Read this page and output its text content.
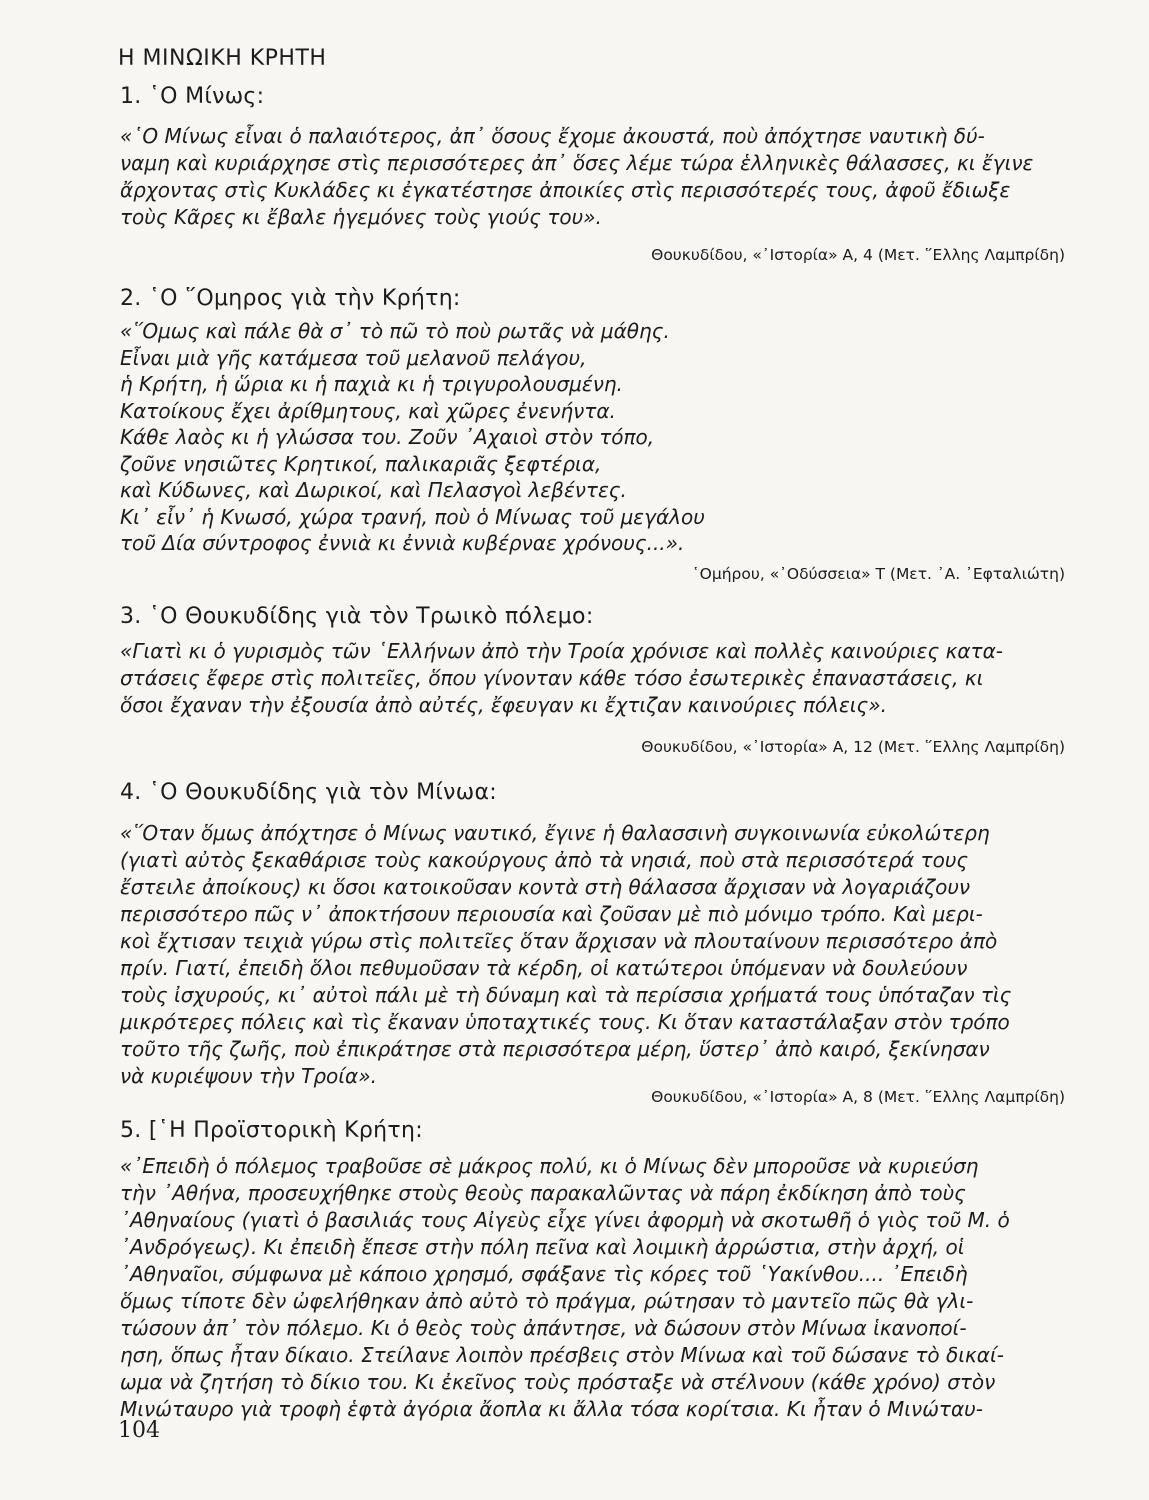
Η ΜΙΝΩΙΚΗ ΚΡΗΤΗ
1. ῾Ο Μίνως:
«῾Ο Μίνως εἶναι ὁ παλαιότερος, ἀπ᾽ ὅσους ἔχομε ἀκουστά, ποὺ ἀπόχτησε ναυτικὴ δύ-
ναμη καὶ κυριάρχησε στὶς περισσότερες ἀπ᾽ ὅσες λέμε τώρα ἑλληνικὲς θάλασσες, κι ἔγινε
ἄρχοντας στὶς Κυκλάδες κι ἐγκατέστησε ἀποικίες στὶς περισσότερές τους, ἀφοῦ ἔδιωξε
τοὺς Κᾶρες κι ἔβαλε ἡγεμόνες τοὺς γιούς του».
Θουκυδίδου, «᾽Ιστορία» Α, 4 (Μετ. ῞Ελλης Λαμπρίδη)
2. ῾Ο ῞Ομηρος γιὰ τὴν Κρήτη:
«῞Ομως καὶ πάλε θὰ σ᾽ τὸ πῶ τὸ ποὺ ρωτᾶς νὰ μάθης.
Εἶναι μιὰ γῆς κατάμεσα τοῦ μελανοῦ πελάγου,
ἡ Κρήτη, ἡ ὥρια κι ἡ παχιὰ κι ἡ τριγυρολουσμένη.
Κατοίκους ἔχει ἀρίθμητους, καὶ χῶρες ἐνενήντα.
Κάθε λαὸς κι ἡ γλώσσα του. Ζοῦν ᾽Αχαιοὶ στὸν τόπο,
ζοῦνε νησιῶτες Κρητικοί, παλικαριᾶς ξεφτέρια,
καὶ Κύδωνες, καὶ Δωρικοί, καὶ Πελασγοὶ λεβέντες.
Κι᾽ εἶν᾽ ἡ Κνωσό, χώρα τρανή, ποὺ ὁ Μίνωας τοῦ μεγάλου
τοῦ Δία σύντροφος ἐννιὰ κι ἐννιὰ κυβέρναε χρόνους...».
῾Ομήρου, «᾽Οδύσσεια» Τ (Μετ. ᾽Α. ᾽Εφταλιώτη)
3. ῾Ο Θουκυδίδης γιὰ τὸν Τρωικὸ πόλεμο:
«Γιατὶ κι ὁ γυρισμὸς τῶν ῾Ελλήνων ἀπὸ τὴν Τροία χρόνισε καὶ πολλὲς καινούριες κατα-
στάσεις ἔφερε στὶς πολιτεῖες, ὅπου γίνονταν κάθε τόσο ἐσωτερικὲς ἐπαναστάσεις, κι
ὅσοι ἔχαναν τὴν ἐξουσία ἀπὸ αὐτές, ἔφευγαν κι ἔχτιζαν καινούριες πόλεις».
Θουκυδίδου, «᾽Ιστορία» Α, 12 (Μετ. ῞Ελλης Λαμπρίδη)
4. ῾Ο Θουκυδίδης γιὰ τὸν Μίνωα:
«῞Οταν ὅμως ἀπόχτησε ὁ Μίνως ναυτικό, ἔγινε ἡ θαλασσινὴ συγκοινωνία εὐκολώτερη
(γιατὶ αὐτὸς ξεκαθάρισε τοὺς κακούργους ἀπὸ τὰ νησιά, ποὺ στὰ περισσότερά τους
ἔστειλε ἀποίκους) κι ὅσοι κατοικοῦσαν κοντὰ στὴ θάλασσα ἄρχισαν νὰ λογαριάζουν
περισσότερο πῶς ν᾽ ἀποκτήσουν περιουσία καὶ ζοῦσαν μὲ πιὸ μόνιμο τρόπο. Καὶ μερι-
κοὶ ἔχτισαν τειχιὰ γύρω στὶς πολιτεῖες ὅταν ἄρχισαν νὰ πλουταίνουν περισσότερο ἀπὸ
πρίν. Γιατί, ἐπειδὴ ὅλοι πεθυμοῦσαν τὰ κέρδη, οἱ κατώτεροι ὑπόμεναν νὰ δουλεύουν
τοὺς ἰσχυρούς, κι᾽ αὐτοὶ πάλι μὲ τὴ δύναμη καὶ τὰ περίσσια χρήματά τους ὑπόταζαν τὶς
μικρότερες πόλεις καὶ τὶς ἔκαναν ὑποταχτικές τους. Κι ὅταν καταστάλαξαν στὸν τρόπο
τοῦτο τῆς ζωῆς, ποὺ ἐπικράτησε στὰ περισσότερα μέρη, ὕστερ᾽ ἀπὸ καιρό, ξεκίνησαν
νὰ κυριέψουν τὴν Τροία».
Θουκυδίδου, «᾽Ιστορία» Α, 8 (Μετ. ῞Ελλης Λαμπρίδη)
5. [῾Η Προϊστορικὴ Κρήτη:
«᾽Επειδὴ ὁ πόλεμος τραβοῦσε σὲ μάκρος πολύ, κι ὁ Μίνως δὲν μποροῦσε νὰ κυριεύση
τὴν ᾽Αθήνα, προσευχήθηκε στοὺς θεοὺς παρακαλῶντας νὰ πάρη ἐκδίκηση ἀπὸ τοὺς
᾽Αθηναίους (γιατὶ ὁ βασιλιάς τους Αἰγεὺς εἶχε γίνει ἀφορμὴ νὰ σκοτωθῆ ὁ γιὸς τοῦ Μ. ὁ
᾽Ανδρόγεως). Κι ἐπειδὴ ἔπεσε στὴν πόλη πεῖνα καὶ λοιμικὴ ἀρρώστια, στὴν ἀρχή, οἱ
᾽Αθηναῖοι, σύμφωνα μὲ κάποιο χρησμό, σφάξανε τὶς κόρες τοῦ ῾Υακίνθου.... ᾽Επειδὴ
ὅμως τίποτε δὲν ὠφελήθηκαν ἀπὸ αὐτὸ τὸ πράγμα, ρώτησαν τὸ μαντεῖο πῶς θὰ γλι-
τώσουν ἀπ᾽ τὸν πόλεμο. Κι ὁ θεὸς τοὺς ἀπάντησε, νὰ δώσουν στὸν Μίνωα ἱκανοποί-
ηση, ὅπως ἦταν δίκαιο. Στείλανε λοιπὸν πρέσβεις στὸν Μίνωα καὶ τοῦ δώσανε τὸ δικαί-
ωμα νὰ ζητήση τὸ δίκιο του. Κι ἐκεῖνος τοὺς πρόσταξε νὰ στέλνουν (κάθε χρόνο) στὸν
Μινώταυρο γιὰ τροφὴ ἑφτὰ ἀγόρια ἄοπλα κι ἄλλα τόσα κορίτσια. Κι ἦταν ὁ Μινώταυ-
104
